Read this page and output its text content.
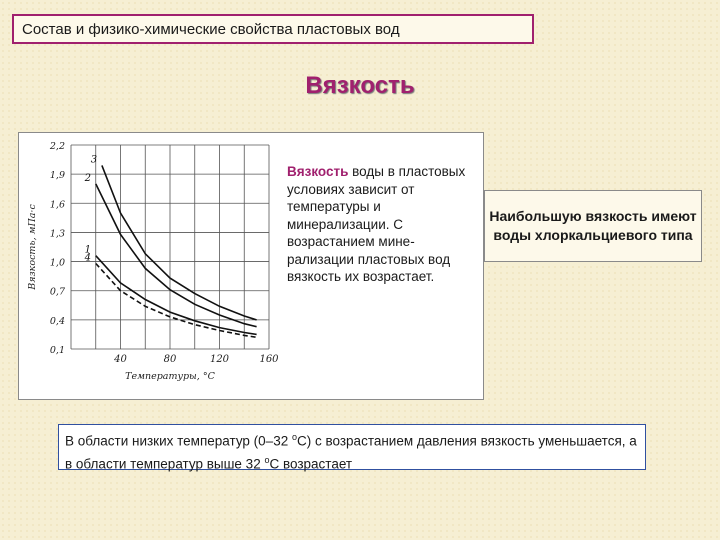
Состав и физико-химические свойства пластовых вод
Вязкость
0,1
0,4
0,7
1,0
1,3
1,6
1,9
2,2
40	80	120	160
Температуры, °С
Вязкость, мПа·с
3
2
1
4
Вязкость воды в пластовых условиях зависит от температуры и минерализации. С возрастанием мине-рализации пластовых вод вязкость их возрастает.
Наибольшую вязкость имеют воды хлоркальциевого типа
В области низких температур (0–32 $^о$С) с возрастанием давления вязкость уменьшается, а в области температур выше 32 $^о$С возрастает
